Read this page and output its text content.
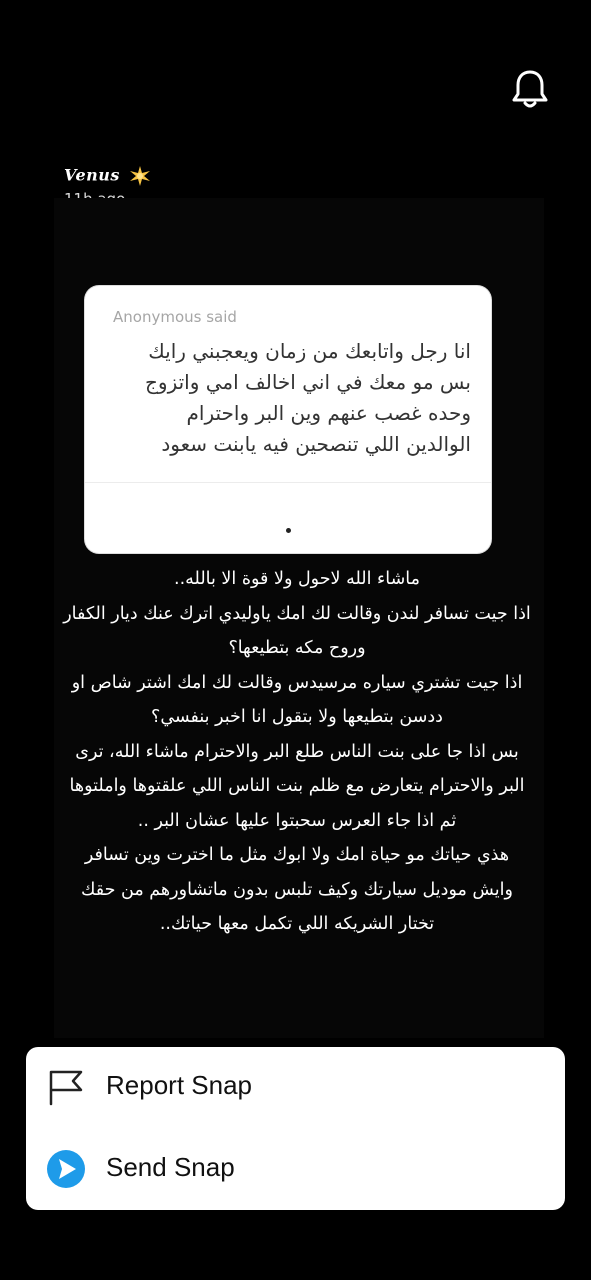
Venus
Anonymous said
انا رجل واتابعك من زمان ويعجبني رايك
بس مو معك في اني اخالف امي واتزوج
وحده غصب عنهم وين البر واحترام
الوالدين اللي تنصحين فيه يابنت سعود

ماشاء الله لاحول ولا قوة الا بالله..

اذا جيت تسافر لندن وقالت لك امك ياوليدي اترك عنك ديار الكفار وروح مكه بتطيعها؟

اذا جيت تشتري سياره مرسيدس وقالت لك امك اشتر شاص او ددسن بتطيعها ولا بتقول انا اخبر بنفسي؟

بس اذا جا على بنت الناس طلع البر والاحترام ماشاء الله، ترى البر والاحترام يتعارض مع ظلم بنت الناس اللي علقتوها واملتوها ثم اذا جاء العرس سحبتوا عليها عشان البر ..

هذي حياتك مو حياة امك ولا ابوك مثل ما اخترت وين تسافر وايش موديل سيارتك وكيف تلبس بدون ماتشاورهم من حقك تختار الشريكه اللي تكمل معها حياتك..

Report Snap
Send Snap
